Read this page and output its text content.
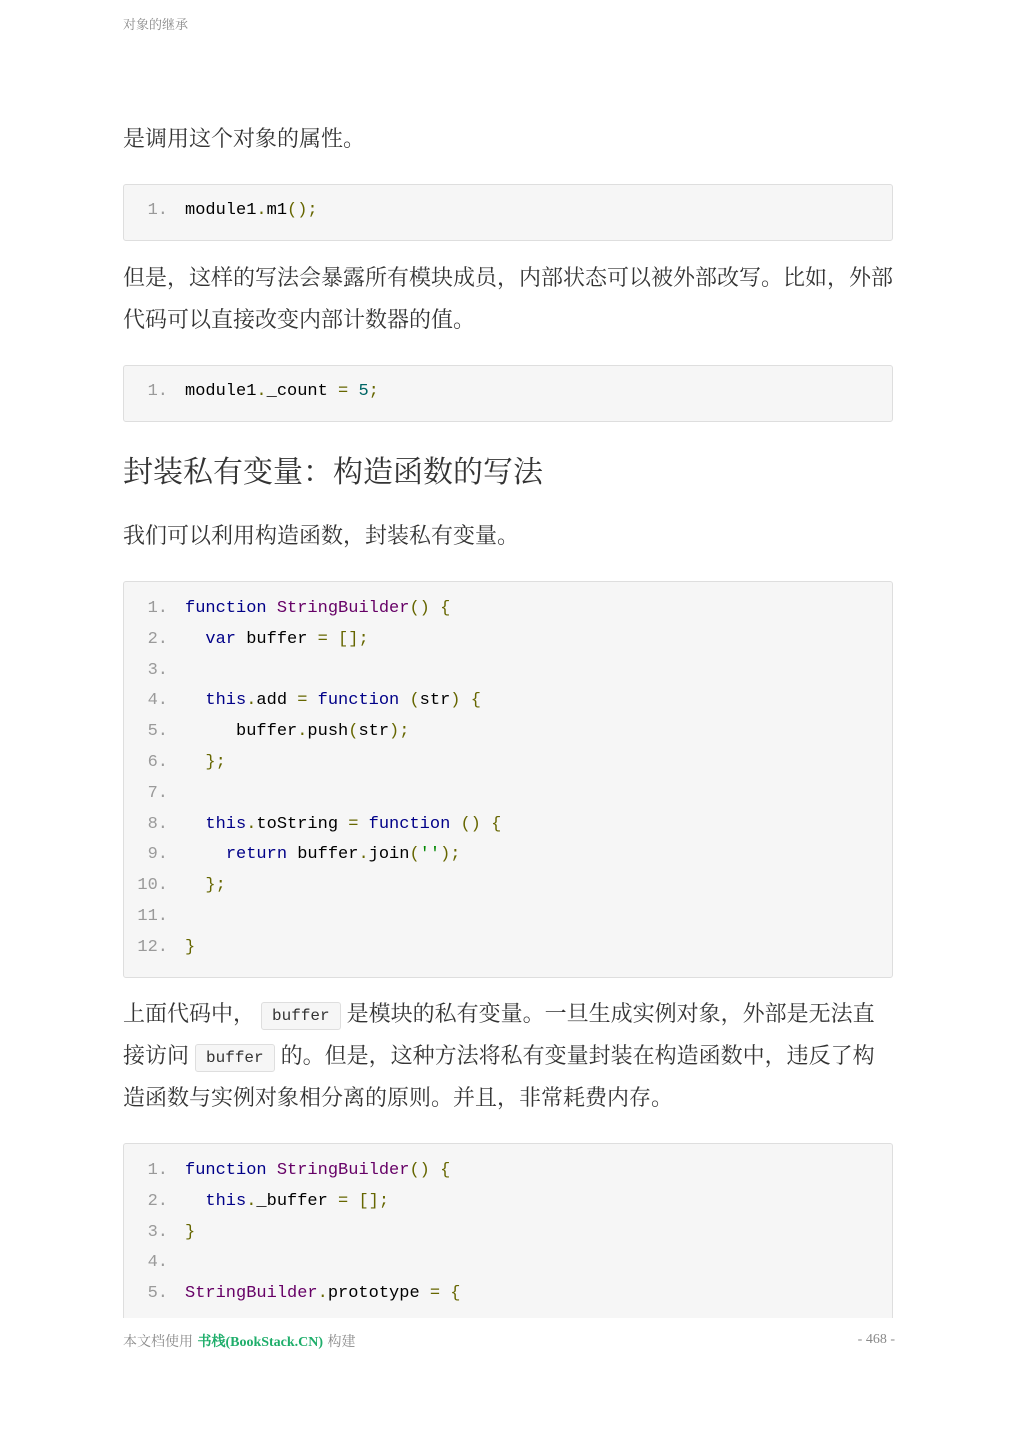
对象的继承

是调用这个对象的属性。

1. module1.m1();

但是，这样的写法会暴露所有模块成员，内部状态可以被外部改写。比如，外部代码可以直接改变内部计数器的值。

1. module1._count = 5;
封装私有变量：构造函数的写法

我们可以利用构造函数，封装私有变量。

1. function StringBuilder() {
2.	var buffer = [];
3.
4.	this.add = function (str) {
5. buffer.push(str);
6.	};
7.
8.	this.toString = function () {
9.	return buffer.join('');
10.	};
11.
12. }

上面代码中， buffer 是模块的私有变量。一旦生成实例对象，外部是无法直接访问 buffer 的。但是，这种方法将私有变量封装在构造函数中，违反了构造函数与实例对象相分离的原则。并且，非常耗费内存。

1. function StringBuilder() {
2.	this._buffer = [];
3. }
4.
5. StringBuilder.prototype = {
本文档使用 书栈(BookStack.CN) 构建	- 468 -
